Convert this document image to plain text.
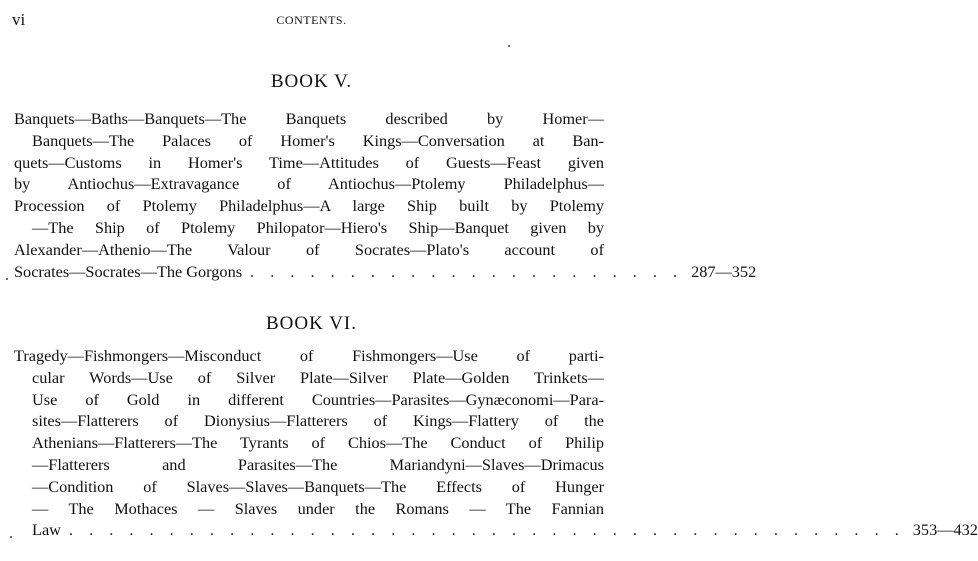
vi	CONTENTS.
BOOK V.
Banquets—Baths—Banquets—The Banquets described by Homer—
Banquets—The Palaces of Homer's Kings—Conversation at Ban-
quets—Customs in Homer's Time—Attitudes of Guests—Feast given
by Antiochus—Extravagance of Antiochus—Ptolemy Philadelphus—
Procession of Ptolemy Philadelphus—A large Ship built by Ptolemy
—The Ship of Ptolemy Philopator—Hiero's Ship—Banquet given by
Alexander—Athenio—The Valour of Socrates—Plato's account of
Socrates—Socrates—The Gorgons . . . . . . . . . . . . . . . . . . . . . . 287—352
BOOK VI.
Tragedy—Fishmongers—Misconduct of Fishmongers—Use of parti-
cular Words—Use of Silver Plate—Silver Plate—Golden Trinkets—
Use of Gold in different Countries—Parasites—Gynæconomi—Para-
sites—Flatterers of Dionysius—Flatterers of Kings—Flattery of the
Athenians—Flatterers—The Tyrants of Chios—The Conduct of Philip
—Flatterers and Parasites—The Mariandyni—Slaves—Drimacus
—Condition of Slaves—Slaves—Banquets—The Effects of Hunger
— The Mothaces — Slaves under the Romans — The Fannian
Law . . . . . . . . . . . . . . . . . . . . . . . . . . . . . . . . . . . . . . . . . . 353—432
